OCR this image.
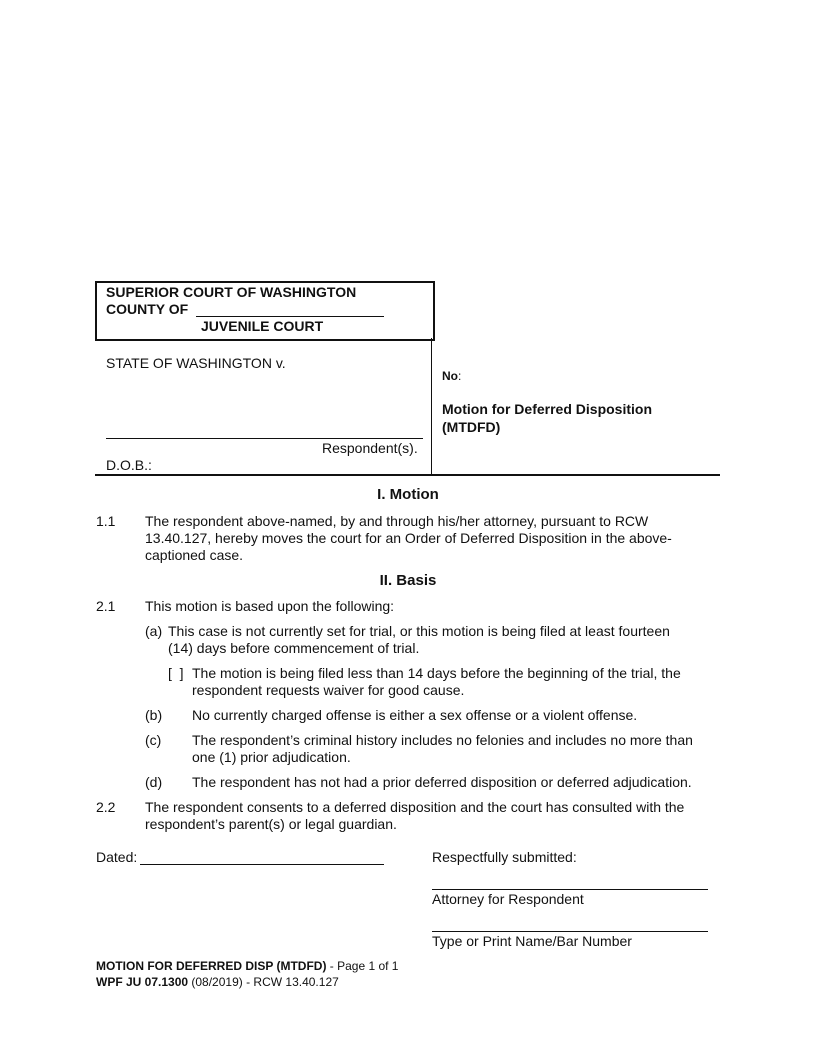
SUPERIOR COURT OF WASHINGTON
COUNTY OF
JUVENILE COURT
STATE OF WASHINGTON v.
No:
Motion for Deferred Disposition
(MTDFD)
Respondent(s).
D.O.B.:
I. Motion
1.1 The respondent above-named, by and through his/her attorney, pursuant to RCW
13.40.127, hereby moves the court for an Order of Deferred Disposition in the above-
captioned case.
II. Basis
2.1 This motion is based upon the following:
(a) This case is not currently set for trial, or this motion is being filed at least fourteen
(14) days before commencement of trial.
[  ] The motion is being filed less than 14 days before the beginning of the trial, the
respondent requests waiver for good cause.
(b) No currently charged offense is either a sex offense or a violent offense.
(c) The respondent’s criminal history includes no felonies and includes no more than
one (1) prior adjudication.
(d) The respondent has not had a prior deferred disposition or deferred adjudication.
2.2 The respondent consents to a deferred disposition and the court has consulted with the
respondent’s parent(s) or legal guardian.
Dated:	Respectfully submitted:
Attorney for Respondent
Type or Print Name/Bar Number
MOTION FOR DEFERRED DISP (MTDFD) - Page 1 of 1
WPF JU 07.1300 (08/2019) - RCW 13.40.127
